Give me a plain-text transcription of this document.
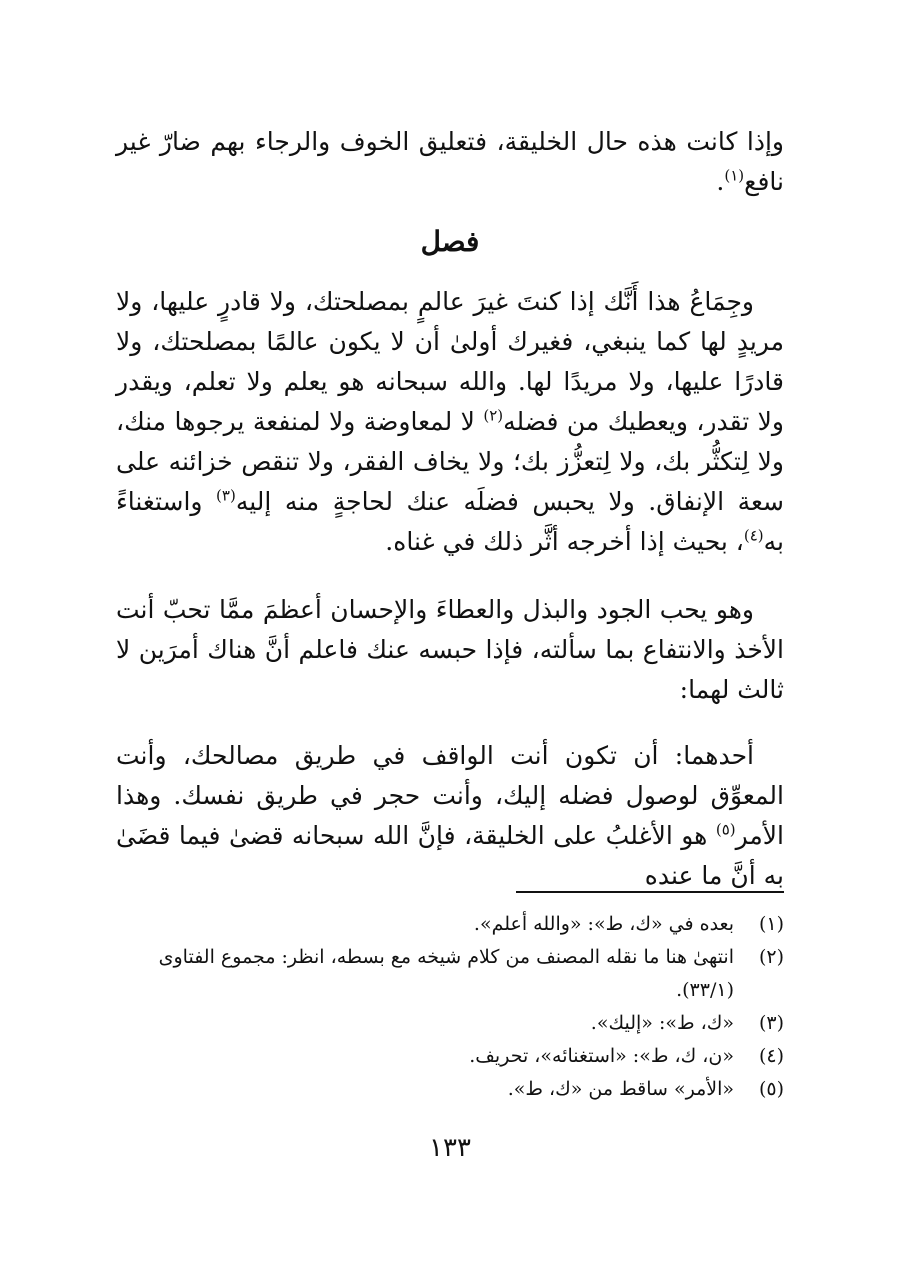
وإذا كانت هذه حال الخليقة، فتعليق الخوف والرجاء بهم ضارّ غير نافع$^{(١)}$.

فصل

وجِمَاعُ هذا أَنَّك إذا كنتَ غيرَ عالمٍ بمصلحتك، ولا قادرٍ عليها، ولا مريدٍ لها كما ينبغي، فغيرك أولىٰ أن لا يكون عالمًا بمصلحتك، ولا قادرًا عليها، ولا مريدًا لها. والله سبحانه هو يعلم ولا تعلم، ويقدر ولا تقدر، ويعطيك من فضله$^{(٢)}$ لا لمعاوضة ولا لمنفعة يرجوها منك، ولا لِتكثُّر بك، ولا لِتعزُّز بك؛ ولا يخاف الفقر، ولا تنقص خزائنه على سعة الإنفاق. ولا يحبس فضلَه عنك لحاجةٍ منه إليه$^{(٣)}$ واستغناءً به$^{(٤)}$، بحيث إذا أخرجه أثَّر ذلك في غناه.

وهو يحب الجود والبذل والعطاءَ والإحسان أعظمَ ممَّا تحبّ أنت الأخذ والانتفاع بما سألته، فإذا حبسه عنك فاعلم أنَّ هناك أمرَين لا ثالث لهما:

أحدهما: أن تكون أنت الواقف في طريق مصالحك، وأنت المعوِّق لوصول فضله إليك، وأنت حجر في طريق نفسك. وهذا الأمر$^{(٥)}$ هو الأغلبُ على الخليقة، فإنَّ الله سبحانه قضىٰ فيما قضَىٰ به أنَّ ما عنده

(١)
بعده في «ك، ط»: «والله أعلم».
(٢)
انتهىٰ هنا ما نقله المصنف من كلام شيخه مع بسطه، انظر: مجموع الفتاوى (٣٣/١).
(٣)
«ك، ط»: «إليك».
(٤)
«ن، ك، ط»: «استغنائه»، تحريف.
(٥)
«الأمر» ساقط من «ك، ط».
١٣٣
